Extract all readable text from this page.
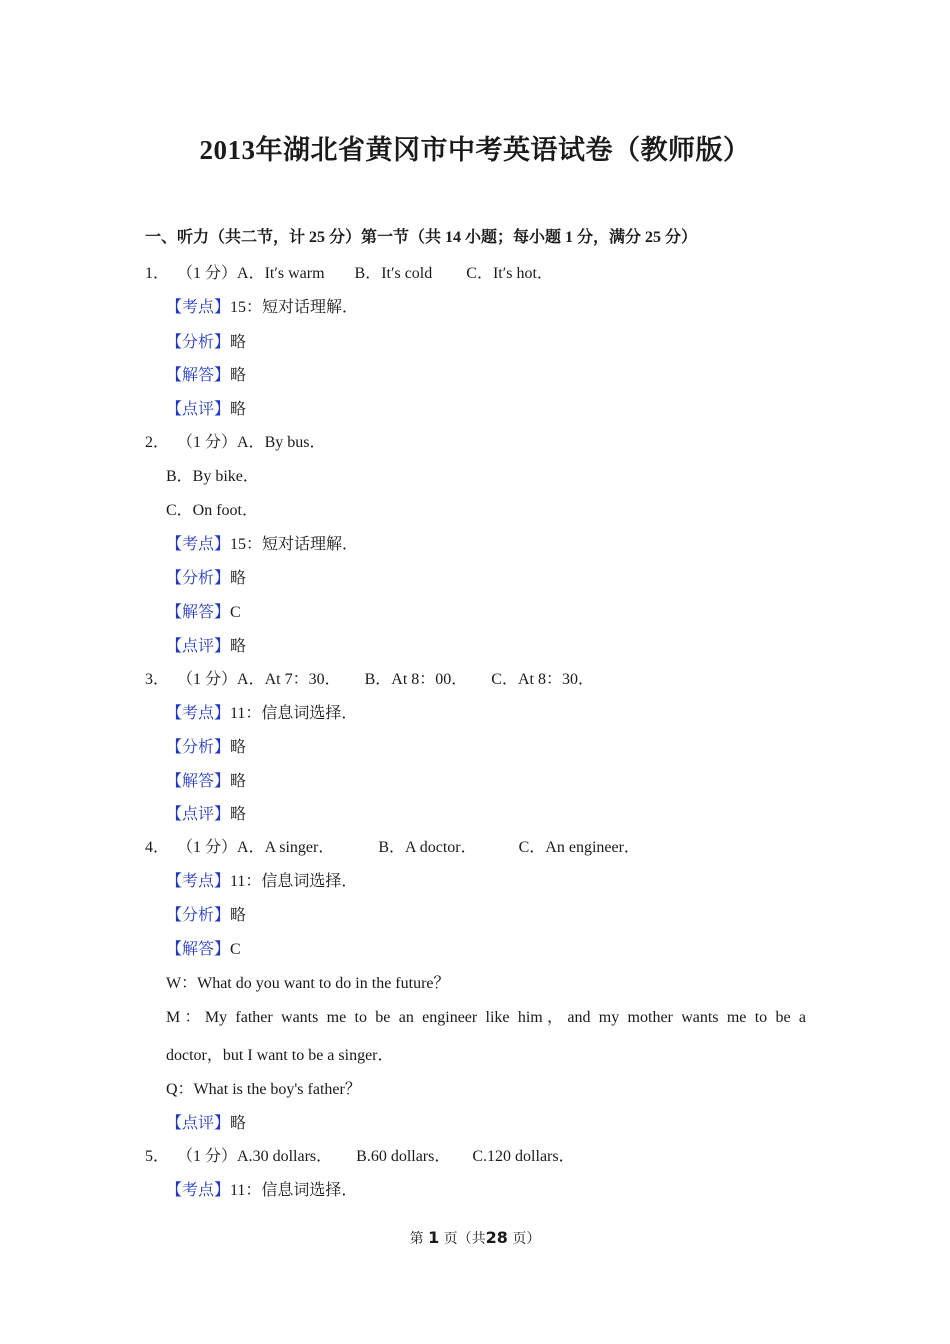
2013年湖北省黄冈市中考英语试卷（教师版）
一、听力（共二节，计 25 分）第一节（共 14 小题；每小题 1 分，满分 25 分）
1． （1 分）A．It′s warm B．It′s cold C．It′s hot．
【考点】15：短对话理解．
【分析】略
【解答】略
【点评】略
2． （1 分）A．By bus．
B．By bike．
C．On foot．
【考点】15：短对话理解．
【分析】略
【解答】C
【点评】略
3． （1 分）A．At 7：30． B．At 8：00． C．At 8：30．
【考点】11：信息词选择．
【分析】略
【解答】略
【点评】略
4． （1 分）A．A singer．	B．A doctor．	C．An engineer．
【考点】11：信息词选择．
【分析】略
【解答】C
W：What do you want to do in the future？
M：My father wants me to be an engineer like him，and my mother wants me to be a
doctor，but I want to be a singer．
Q：What is the boy's father？
【点评】略
5． （1 分）A.30 dollars． B.60 dollars． C.120 dollars．
【考点】11：信息词选择．
第 1 页（共28 页）
